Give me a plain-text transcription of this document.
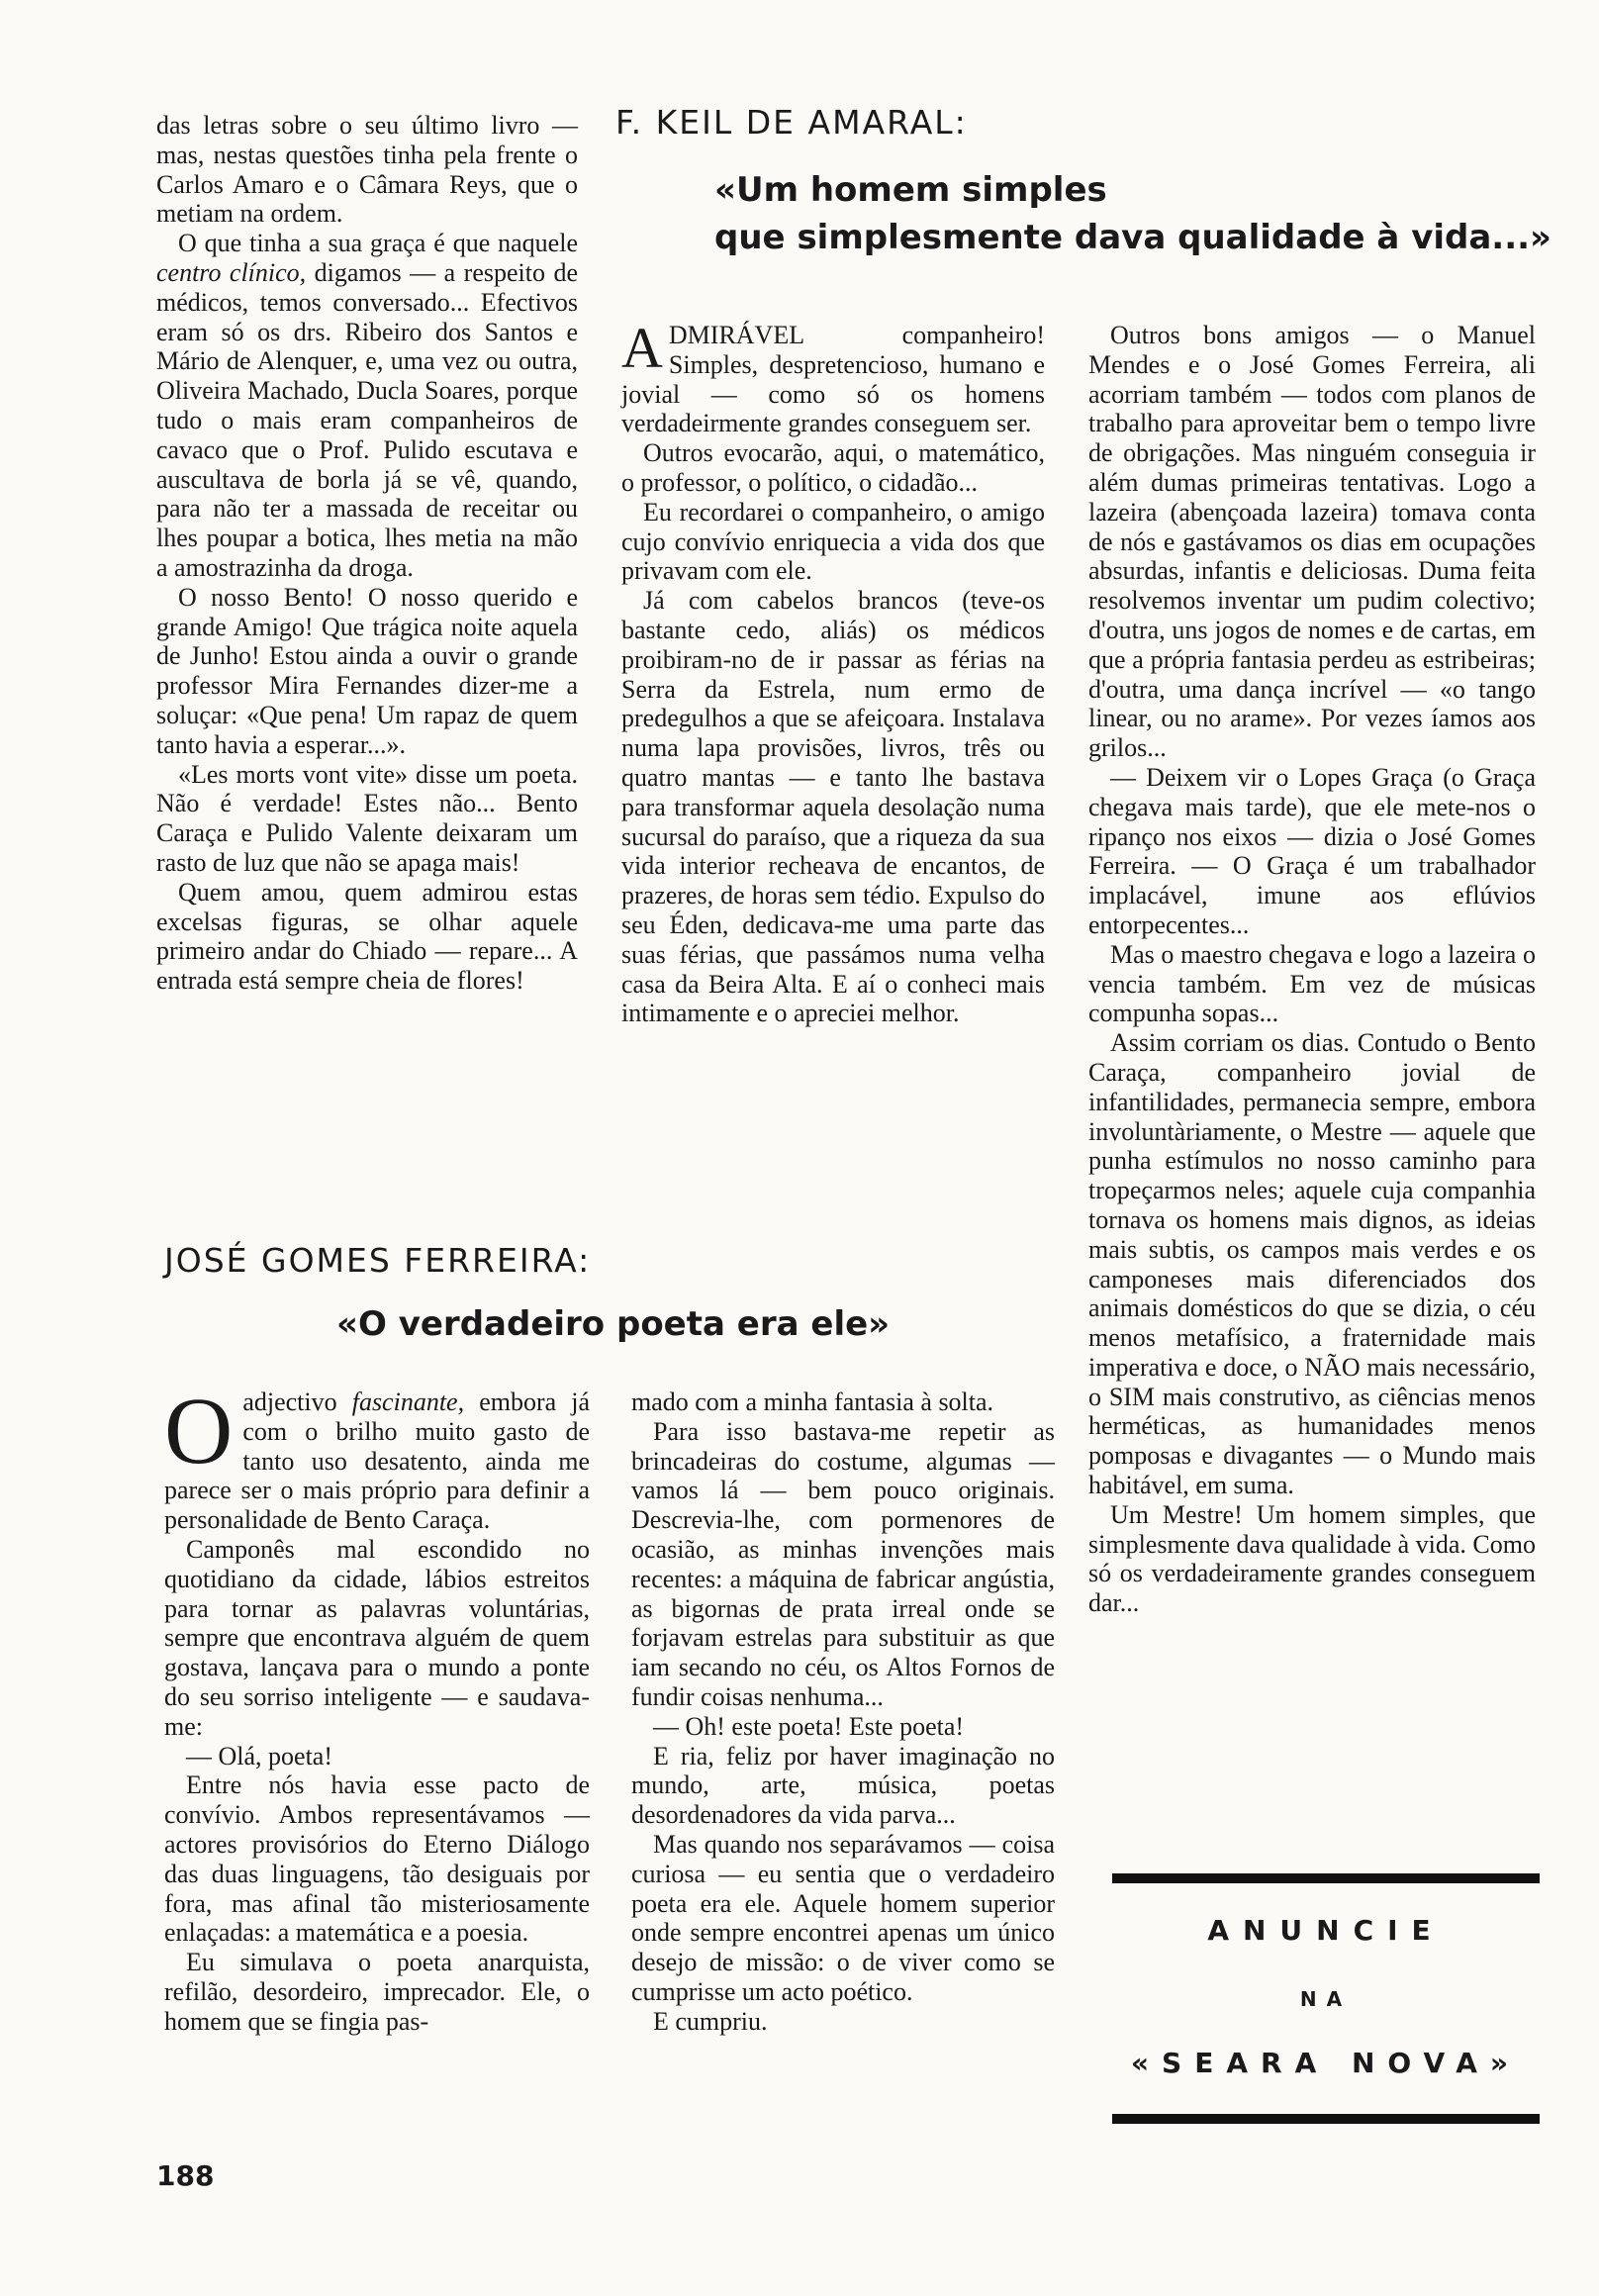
das letras sobre o seu último livro — mas, nestas questões tinha pela frente o Carlos Amaro e o Câmara Reys, que o metiam na ordem.

O que tinha a sua graça é que naquele centro clínico, digamos — a respeito de médicos, temos conversado... Efectivos eram só os drs. Ribeiro dos Santos e Mário de Alenquer, e, uma vez ou outra, Oliveira Machado, Ducla Soares, porque tudo o mais eram companheiros de cavaco que o Prof. Pulido escutava e auscultava de borla já se vê, quando, para não ter a massada de receitar ou lhes poupar a botica, lhes metia na mão a amostrazinha da droga.

O nosso Bento! O nosso querido e grande Amigo! Que trágica noite aquela de Junho! Estou ainda a ouvir o grande professor Mira Fernandes dizer-me a soluçar: «Que pena! Um rapaz de quem tanto havia a esperar...».

«Les morts vont vite» disse um poeta. Não é verdade! Estes não... Bento Caraça e Pulido Valente deixaram um rasto de luz que não se apaga mais!

Quem amou, quem admirou estas excelsas figuras, se olhar aquele primeiro andar do Chiado — repare... A entrada está sempre cheia de flores!

F. KEIL DE AMARAL:
«Um homem simples
que simplesmente dava qualidade à vida...»

ADMIRÁVEL companheiro! Simples, despretencioso, humano e jovial — como só os homens verdadeirmente grandes conseguem ser.

Outros evocarão, aqui, o matemático, o professor, o político, o cidadão...

Eu recordarei o companheiro, o amigo cujo convívio enriquecia a vida dos que privavam com ele.

Já com cabelos brancos (teve-os bastante cedo, aliás) os médicos proibiram-no de ir passar as férias na Serra da Estrela, num ermo de predegulhos a que se afeiçoara. Instalava numa lapa provisões, livros, três ou quatro mantas — e tanto lhe bastava para transformar aquela desolação numa sucursal do paraíso, que a riqueza da sua vida interior recheava de encantos, de prazeres, de horas sem tédio. Expulso do seu Éden, dedicava-me uma parte das suas férias, que passámos numa velha casa da Beira Alta. E aí o conheci mais intimamente e o apreciei melhor.

Outros bons amigos — o Manuel Mendes e o José Gomes Ferreira, ali acorriam também — todos com planos de trabalho para aproveitar bem o tempo livre de obrigações. Mas ninguém conseguia ir além dumas primeiras tentativas. Logo a lazeira (abençoada lazeira) tomava conta de nós e gastávamos os dias em ocupações absurdas, infantis e deliciosas. Duma feita resolvemos inventar um pudim colectivo; d'outra, uns jogos de nomes e de cartas, em que a própria fantasia perdeu as estribeiras; d'outra, uma dança incrível — «o tango linear, ou no arame». Por vezes íamos aos grilos...

— Deixem vir o Lopes Graça (o Graça chegava mais tarde), que ele mete-nos o ripanço nos eixos — dizia o José Gomes Ferreira. — O Graça é um trabalhador implacável, imune aos eflúvios entorpecentes...

Mas o maestro chegava e logo a lazeira o vencia também. Em vez de músicas compunha sopas...

Assim corriam os dias. Contudo o Bento Caraça, companheiro jovial de infantilidades, permanecia sempre, embora involuntàriamente, o Mestre — aquele que punha estímulos no nosso caminho para tropeçarmos neles; aquele cuja companhia tornava os homens mais dignos, as ideias mais subtis, os campos mais verdes e os camponeses mais diferenciados dos animais domésticos do que se dizia, o céu menos metafísico, a fraternidade mais imperativa e doce, o NÃO mais necessário, o SIM mais construtivo, as ciências menos herméticas, as humanidades menos pomposas e divagantes — o Mundo mais habitável, em suma.

Um Mestre! Um homem simples, que simplesmente dava qualidade à vida. Como só os verdadeiramente grandes conseguem dar...

JOSÉ GOMES FERREIRA:
«O verdadeiro poeta era ele»

Oadjectivo fascinante, embora já com o brilho muito gasto de tanto uso desatento, ainda me parece ser o mais próprio para definir a personalidade de Bento Caraça.

Camponês mal escondido no quotidiano da cidade, lábios estreitos para tornar as palavras voluntárias, sempre que encontrava alguém de quem gostava, lançava para o mundo a ponte do seu sorriso inteligente — e saudava-me:

— Olá, poeta!

Entre nós havia esse pacto de convívio. Ambos representávamos — actores provisórios do Eterno Diálogo das duas linguagens, tão desiguais por fora, mas afinal tão misteriosamente enlaçadas: a matemática e a poesia.

Eu simulava o poeta anarquista, refilão, desordeiro, imprecador. Ele, o homem que se fingia pas-

mado com a minha fantasia à solta.

Para isso bastava-me repetir as brincadeiras do costume, algumas — vamos lá — bem pouco originais. Descrevia-lhe, com pormenores de ocasião, as minhas invenções mais recentes: a máquina de fabricar angústia, as bigornas de prata irreal onde se forjavam estrelas para substituir as que iam secando no céu, os Altos Fornos de fundir coisas nenhuma...

— Oh! este poeta! Este poeta!

E ria, feliz por haver imaginação no mundo, arte, música, poetas desordenadores da vida parva...

Mas quando nos separávamos — coisa curiosa — eu sentia que o verdadeiro poeta era ele. Aquele homem superior onde sempre encontrei apenas um único desejo de missão: o de viver como se cumprisse um acto poético.

E cumpriu.

ANUNCIE
NA
«SEARA NOVA»
188
